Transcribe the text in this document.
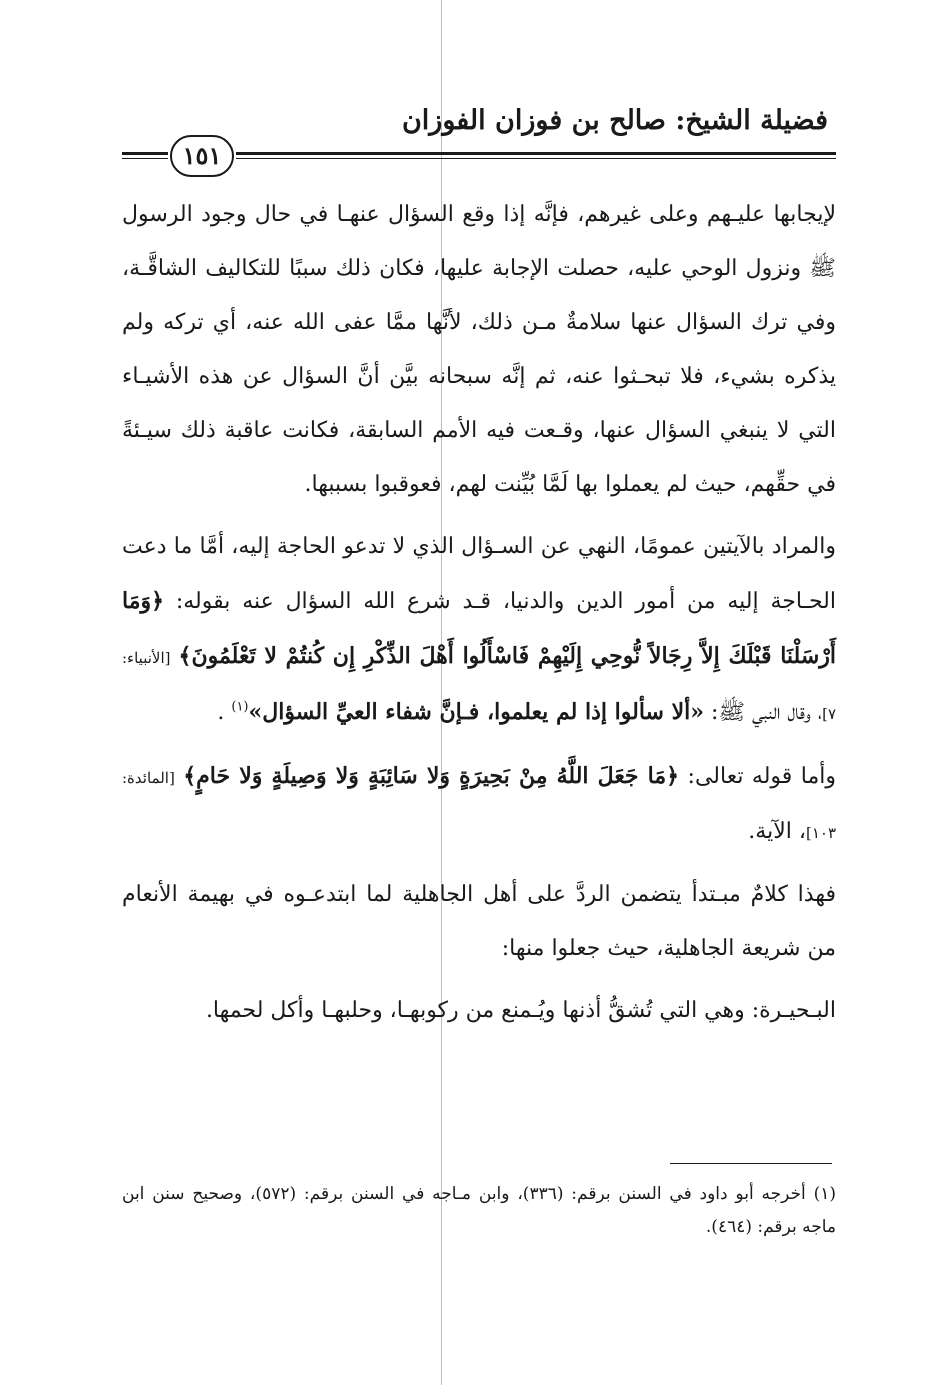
فضيلة الشيخ: صالح بن فوزان الفوزان
١٥١

لإيجابها عليـهم وعلى غيرهم، فإنَّه إذا وقع السؤال عنهـا في حال وجود الرسول ﷺ ونزول الوحي عليه، حصلت الإجابة عليها، فكان ذلك سببًا للتكاليف الشاقَّـة، وفي ترك السؤال عنها سلامةٌ مـن ذلك، لأنَّها ممَّا عفى الله عنه، أي تركه ولم يذكره بشيء، فلا تبحـثوا عنه، ثم إنَّه سبحانه بيَّن أنَّ السؤال عن هذه الأشيـاء التي لا ينبغي السؤال عنها، وقـعت فيه الأمم السابقة، فكانت عاقبة ذلك سيـئةً في حقِّهم، حيث لم يعملوا بها لَمَّا بُيِّنت لهم، فعوقبوا بسببها.

والمراد بالآيتين عمومًا، النهي عن السـؤال الذي لا تدعو الحاجة إليه، أمَّا ما دعت الحـاجة إليه من أمور الدين والدنيا، قـد شرع الله السؤال عنه بقوله: ﴿وَمَا أَرْسَلْنَا قَبْلَكَ إِلاَّ رِجَالاً نُّوحِي إِلَيْهِمْ فَاسْأَلُوا أَهْلَ الذِّكْرِ إِن كُنتُمْ لا تَعْلَمُونَ﴾ [الأنبياء: ٧]، وقال النبي ﷺ: «ألا سألوا إذا لم يعلموا، فـإنَّ شفاء العيِّ السؤال»$^{(١)}$ .

وأما قوله تعالى: ﴿مَا جَعَلَ اللَّهُ مِنْ بَحِيرَةٍ وَلا سَائِبَةٍ وَلا وَصِيلَةٍ وَلا حَامٍ﴾ [المائدة: ١٠٣]، الآية.

فهذا كلامٌ مبـتدأ يتضمن الردَّ على أهل الجاهلية لما ابتدعـوه في بهيمة الأنعام من شريعة الجاهلية، حيث جعلوا منها:

البـحيـرة: وهي التي تُشقُّ أذنها ويُـمنع من ركوبهـا، وحلبهـا وأكل لحمها.

(١) أخرجه أبو داود في السنن برقم: (٣٣٦)، وابن مـاجه في السنن برقم: (٥٧٢)، وصحيح سنن ابن ماجه برقم: (٤٦٤).
